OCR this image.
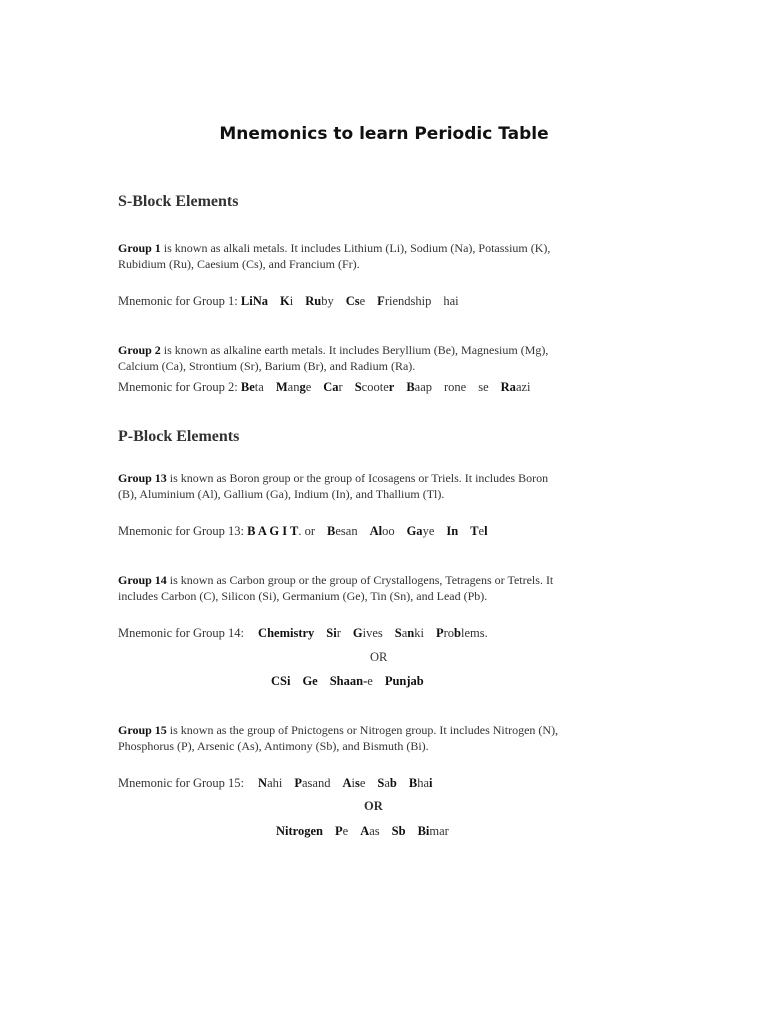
Mnemonics to learn Periodic Table
S-Block Elements
Group 1 is known as alkali metals. It includes Lithium (Li), Sodium (Na), Potassium (K),
Rubidium (Ru), Caesium (Cs), and Francium (Fr).
Mnemonic for Group 1: LiNa Ki Ruby Cse Friendship hai
Group 2 is known as alkaline earth metals. It includes Beryllium (Be), Magnesium (Mg),
Calcium (Ca), Strontium (Sr), Barium (Br), and Radium (Ra).
Mnemonic for Group 2: Beta Mange Car Scooter Baap rone se Raazi
P-Block Elements
Group 13 is known as Boron group or the group of Icosagens or Triels. It includes Boron
(B), Aluminium (Al), Gallium (Ga), Indium (In), and Thallium (Tl).
Mnemonic for Group 13: B A G I T. or Besan Aloo Gaye In Tel
Group 14 is known as Carbon group or the group of Crystallogens, Tetragens or Tetrels. It
includes Carbon (C), Silicon (Si), Germanium (Ge), Tin (Sn), and Lead (Pb).
Mnemonic for Group 14: Chemistry Sir Gives Sanki Problems.
OR
CSi Ge Shaan-e Punjab
Group 15 is known as the group of Pnictogens or Nitrogen group. It includes Nitrogen (N),
Phosphorus (P), Arsenic (As), Antimony (Sb), and Bismuth (Bi).
Mnemonic for Group 15: Nahi Pasand Aise Sab Bhai
OR
Nitrogen Pe Aas Sb Bimar
